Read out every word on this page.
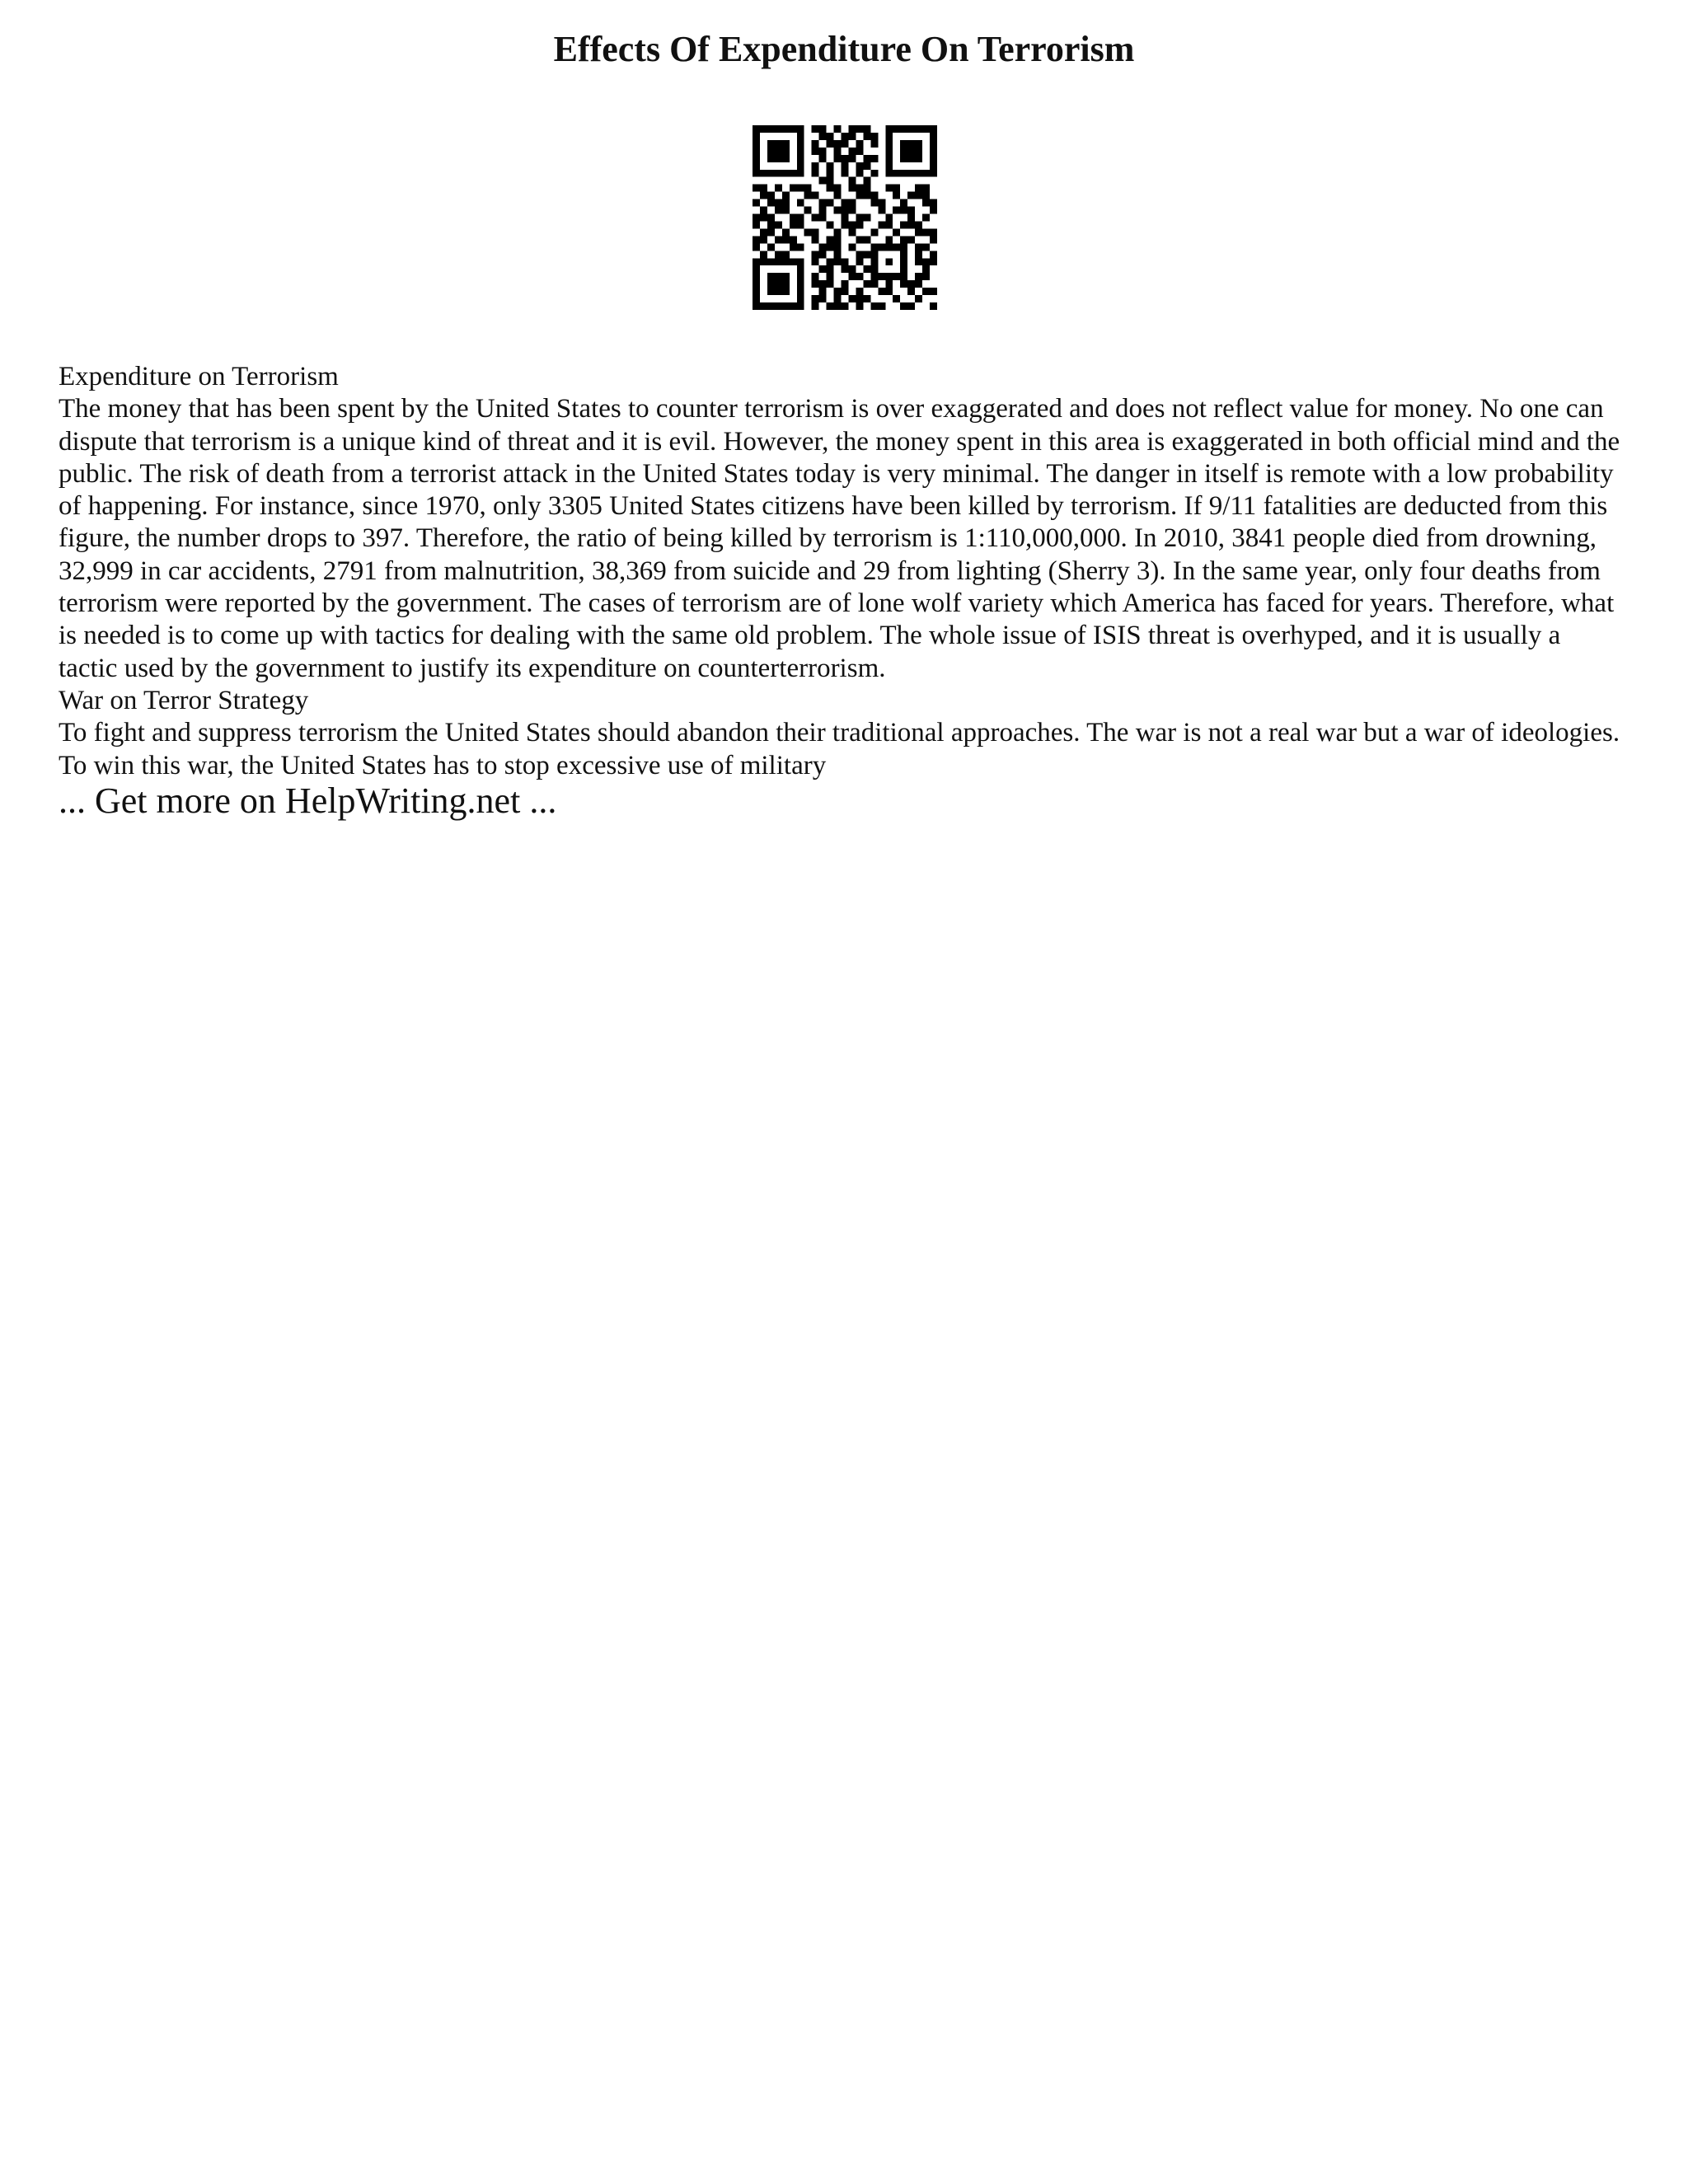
Effects Of Expenditure On Terrorism

Expenditure on Terrorism

The money that has been spent by the United States to counter terrorism is over exaggerated and does not reflect value for money. No one can dispute that terrorism is a unique kind of threat and it is evil. However, the money spent in this area is exaggerated in both official mind and the public. The risk of death from a terrorist attack in the United States today is very minimal. The danger in itself is remote with a low probability of happening. For instance, since 1970, only 3305 United States citizens have been killed by terrorism. If 9/11 fatalities are deducted from this figure, the number drops to 397. Therefore, the ratio of being killed by terrorism is 1:110,000,000. In 2010, 3841 people died from drowning, 32,999 in car accidents, 2791 from malnutrition, 38,369 from suicide and 29 from lighting (Sherry 3). In the same year, only four deaths from terrorism were reported by the government. The cases of terrorism are of lone wolf variety which America has faced for years. Therefore, what is needed is to come up with tactics for dealing with the same old problem. The whole issue of ISIS threat is overhyped, and it is usually a tactic used by the government to justify its expenditure on counterterrorism.

War on Terror Strategy

To fight and suppress terrorism the United States should abandon their traditional approaches. The war is not a real war but a war of ideologies. To win this war, the United States has to stop excessive use of military

... Get more on HelpWriting.net ...
